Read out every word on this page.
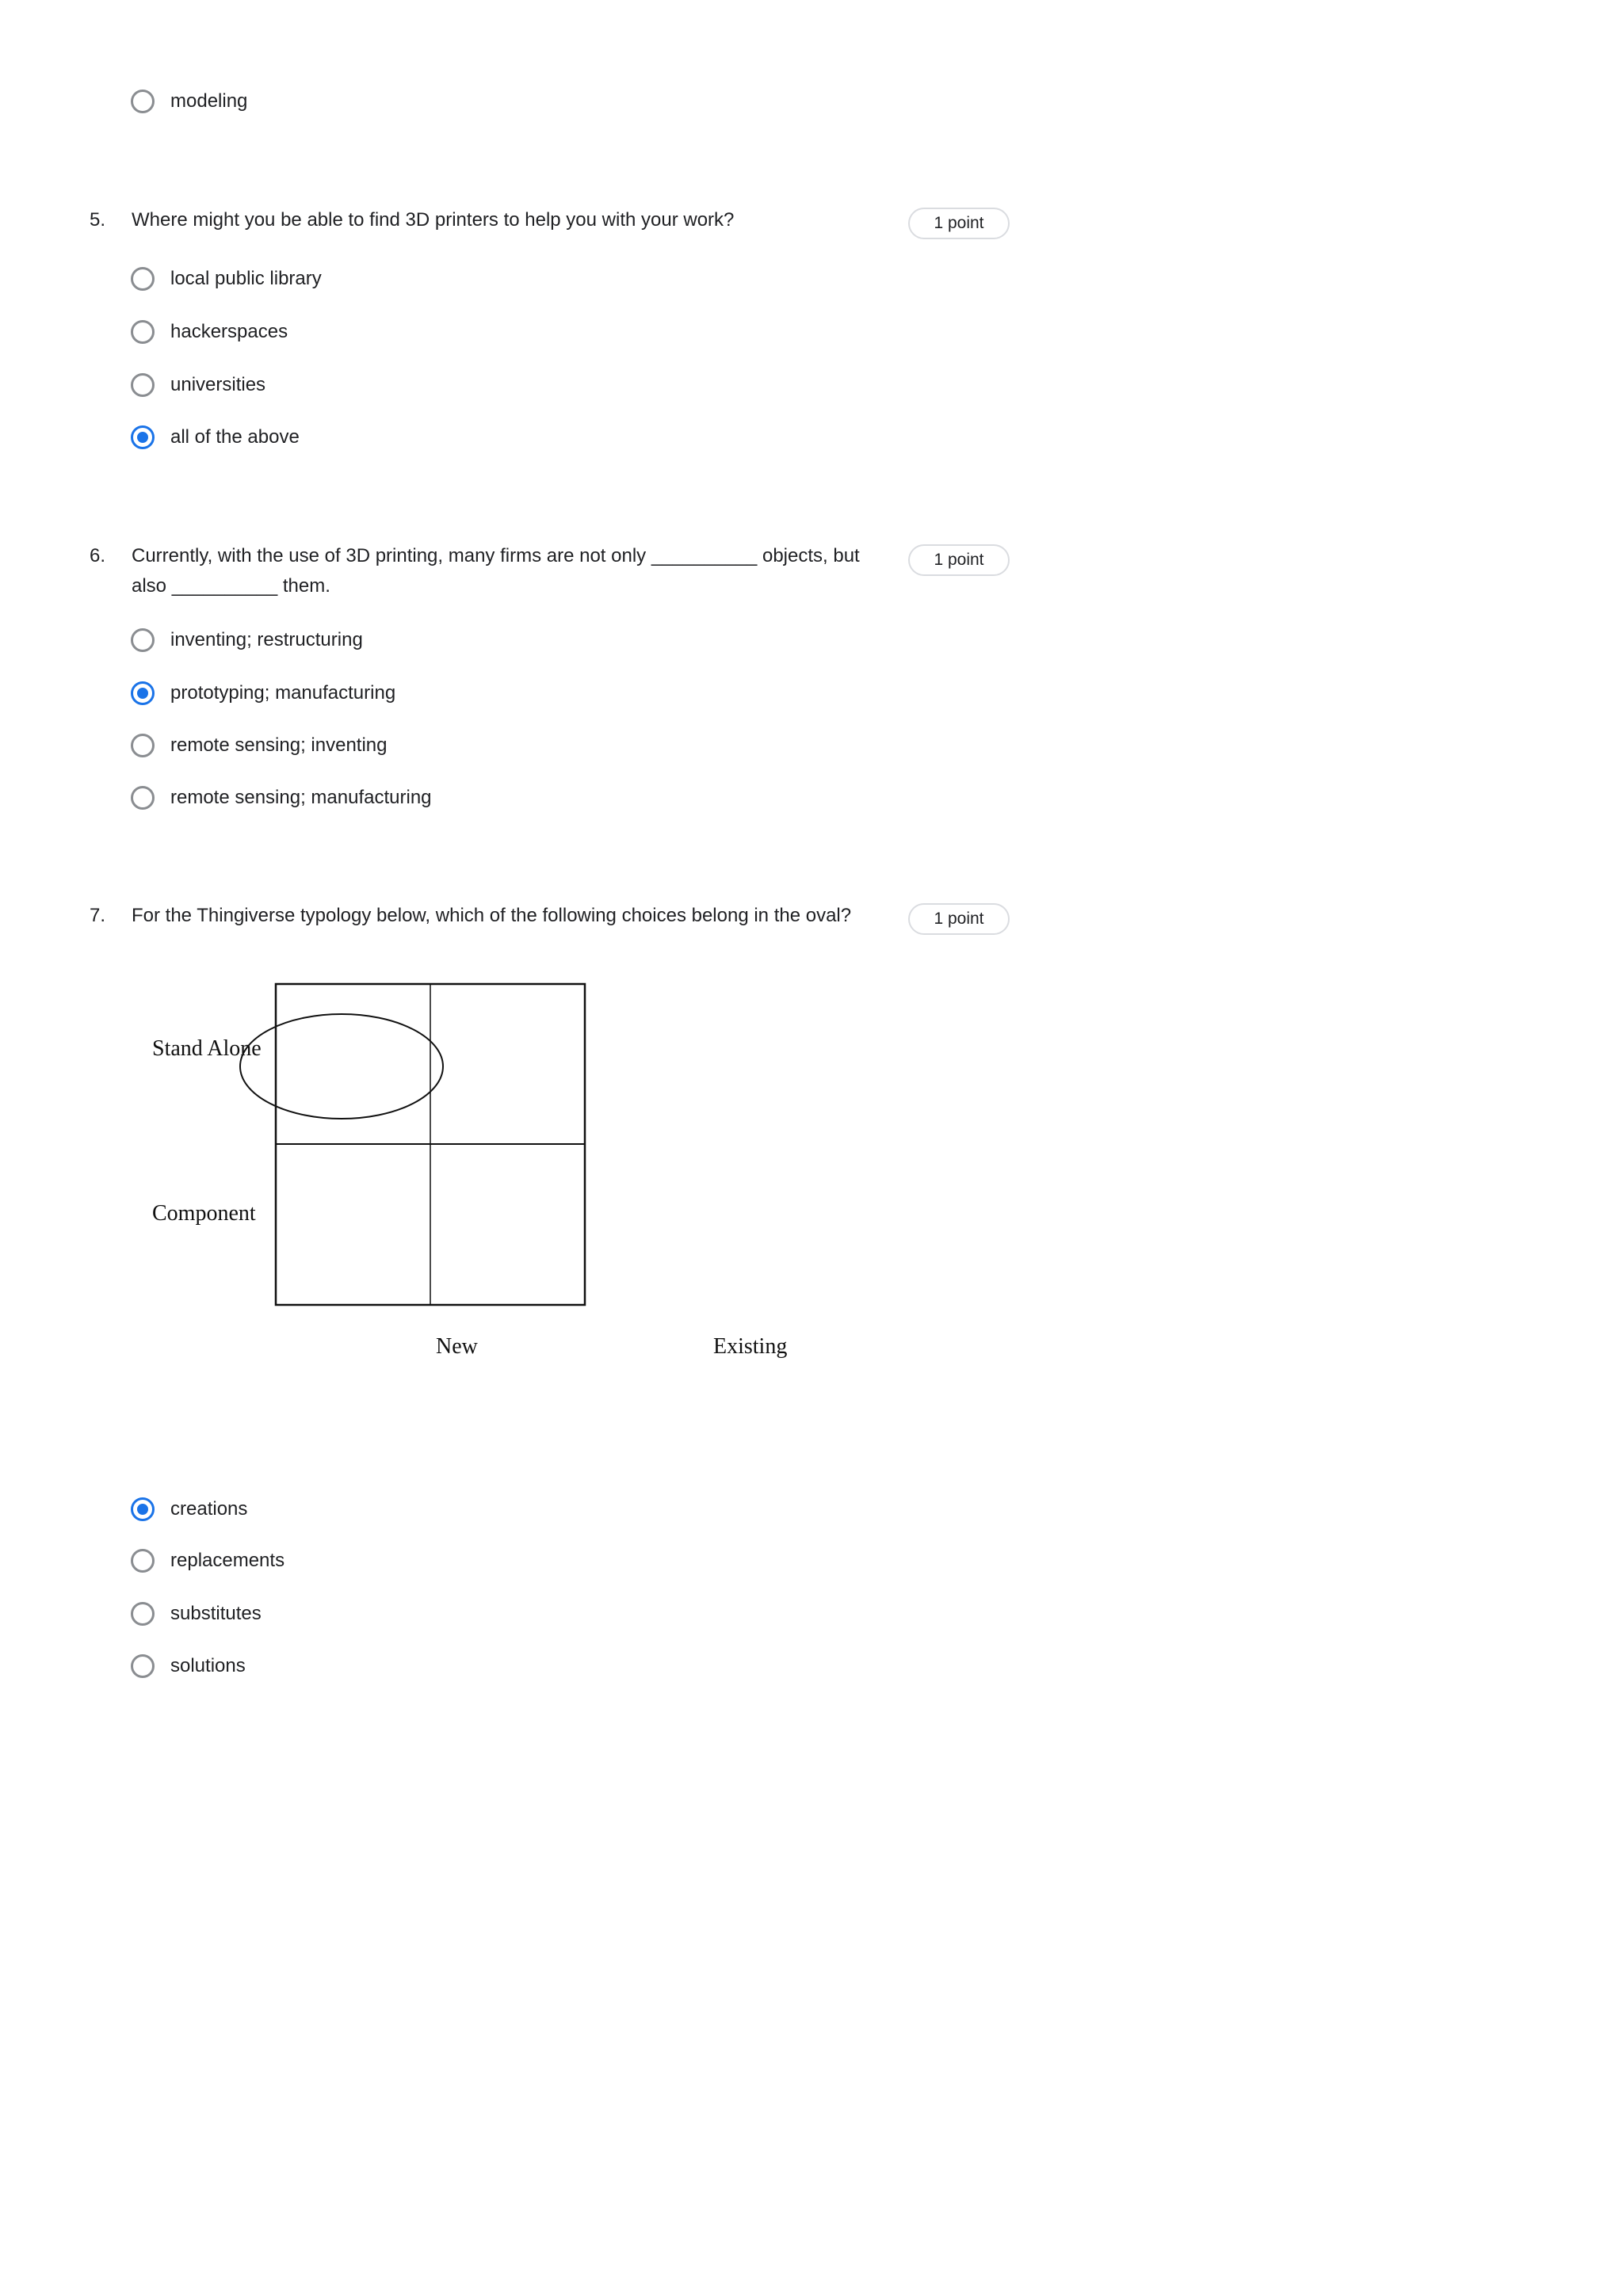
modeling
5. Where might you be able to find 3D printers to help you with your work?	1 point
local public library
hackerspaces
universities
all of the above
6. Currently, with the use of 3D printing, many firms are not only __________ objects, but
also __________ them.
1 point
inventing; restructuring
prototyping; manufacturing
remote sensing; inventing
remote sensing; manufacturing
7. For the Thingiverse typology below, which of the following choices belong in the oval?	1 point
Stand Alone
Component
New	Existing
creations
replacements
substitutes
solutions
